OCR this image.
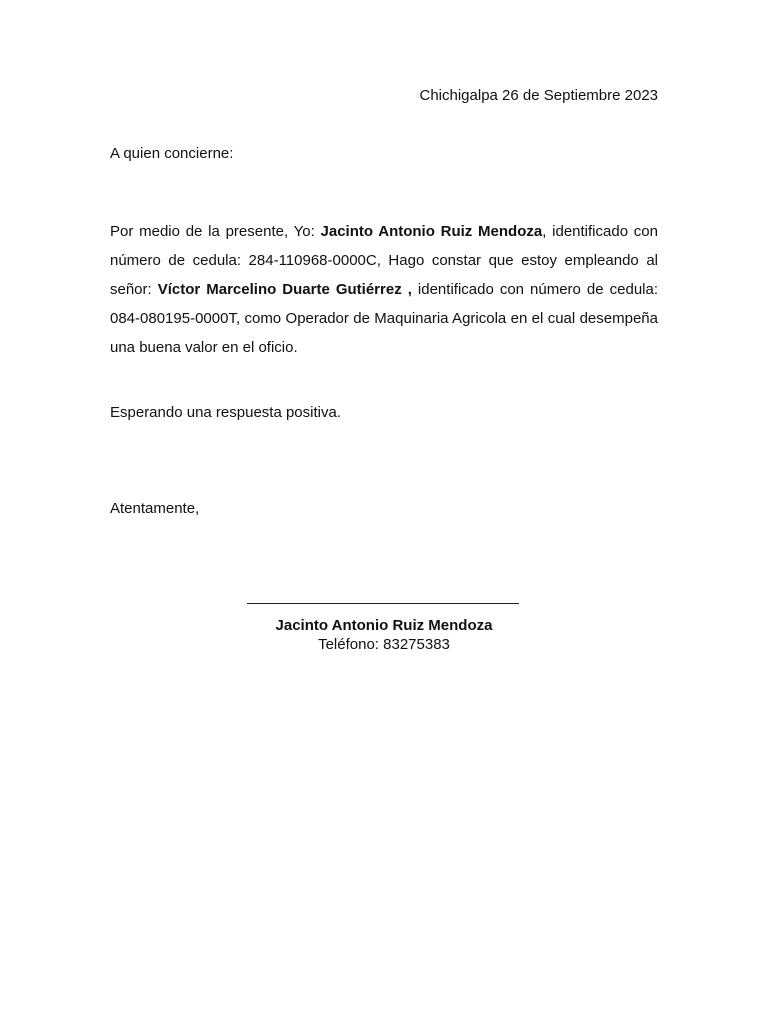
Chichigalpa 26 de Septiembre 2023
A quien concierne:
Por medio de la presente, Yo: Jacinto Antonio Ruiz Mendoza, identificado con número de cedula: 284-110968-0000C, Hago constar que estoy empleando al señor: Víctor Marcelino Duarte Gutiérrez , identificado con número de cedula: 084-080195-0000T, como Operador de Maquinaria Agricola en el cual desempeña una buena valor en el oficio.
Esperando una respuesta positiva.
Atentamente,
Jacinto Antonio Ruiz Mendoza
Teléfono: 83275383
